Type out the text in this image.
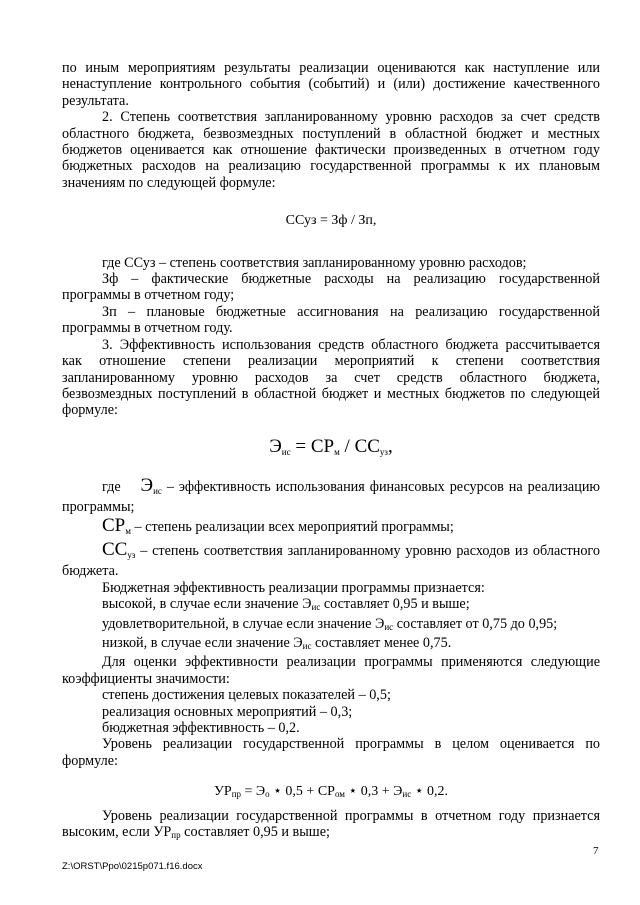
по иным мероприятиям результаты реализации оцениваются как наступление или ненаступление контрольного события (событий) и (или) достижение качественного результата.

2. Степень соответствия запланированному уровню расходов за счет средств областного бюджета, безвозмездных поступлений в областной бюджет и местных бюджетов оценивается как отношение фактически произведенных в отчетном году бюджетных расходов на реализацию государственной программы к их плановым значениям по следующей формуле:

ССуз = Зф / Зп,

где ССуз – степень соответствия запланированному уровню расходов;

Зф – фактические бюджетные расходы на реализацию государственной программы в отчетном году;

Зп – плановые бюджетные ассигнования на реализацию государственной программы в отчетном году.

3. Эффективность использования средств областного бюджета рассчитывается как отношение степени реализации мероприятий к степени соответствия запланированному уровню расходов за счет средств областного бюджета, безвозмездных поступлений в областной бюджет и местных бюджетов по следующей формуле:

$Э_{ис} = СР_м / СС_{уз}$,

где $Э_{ис}$ – эффективность использования финансовых ресурсов на реализацию программы;

$СР_м$ – степень реализации всех мероприятий программы;

$СС_{уз}$ – степень соответствия запланированному уровню расходов из областного бюджета.

Бюджетная эффективность реализации программы признается:

высокой, в случае если значение Эис составляет 0,95 и выше;

удовлетворительной, в случае если значение Эис составляет от 0,75 до 0,95;

низкой, в случае если значение Эис составляет менее 0,75.

Для оценки эффективности реализации программы применяются следующие коэффициенты значимости:

степень достижения целевых показателей – 0,5;

реализация основных мероприятий – 0,3;

бюджетная эффективность – 0,2.

Уровень реализации государственной программы в целом оценивается по формуле:

УРпр = Эо ⋆ 0,5 + СРом ⋆ 0,3 + Эис ⋆ 0,2.

Уровень реализации государственной программы в отчетном году признается высоким, если УРпр составляет 0,95 и выше;

7
Z:\ORST\Ppo\0215p071.f16.docx
